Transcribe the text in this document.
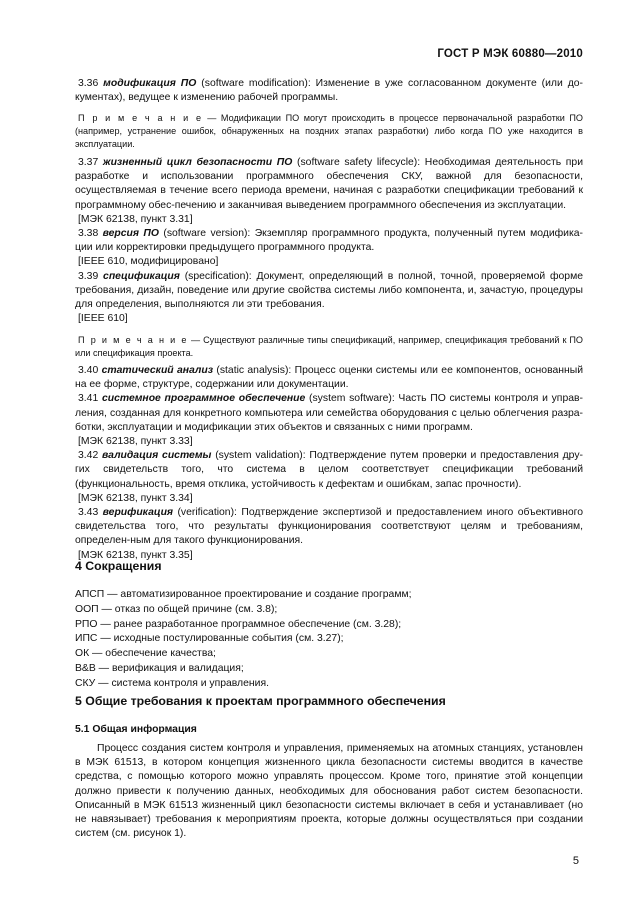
ГОСТ Р МЭК 60880—2010

3.36 модификация ПО (software modification): Изменение в уже согласованном документе (или до-кументах), ведущее к изменению рабочей программы.

П р и м е ч а н и е — Модификации ПО могут происходить в процессе первоначальной разработки ПО (например, устранение ошибок, обнаруженных на поздних этапах разработки) либо когда ПО уже находится в эксплуатации.

3.37 жизненный цикл безопасности ПО (software safety lifecycle): Необходимая деятельность при разработке и использовании программного обеспечения СКУ, важной для безопасности, осуществляемая в течение всего периода времени, начиная с разработки спецификации требований к программному обес-печению и заканчивая выведением программного обеспечения из эксплуатации.

[МЭК 62138, пункт 3.31]

3.38 версия ПО (software version): Экземпляр программного продукта, полученный путем модифика-ции или корректировки предыдущего программного продукта.

[IEEE 610, модифицировано]

3.39 спецификация (specification): Документ, определяющий в полной, точной, проверяемой форме требования, дизайн, поведение или другие свойства системы либо компонента, и, зачастую, процедуры для определения, выполняются ли эти требования.

[IEEE 610]

П р и м е ч а н и е — Существуют различные типы спецификаций, например, спецификация требований к ПО или спецификация проекта.

3.40 статический анализ (static analysis): Процесс оценки системы или ее компонентов, основанный на ее форме, структуре, содержании или документации.

3.41 системное программное обеспечение (system software): Часть ПО системы контроля и управ-ления, созданная для конкретного компьютера или семейства оборудования с целью облегчения разра-ботки, эксплуатации и модификации этих объектов и связанных с ними программ.

[МЭК 62138, пункт 3.33]

3.42 валидация системы (system validation): Подтверждение путем проверки и предоставления дру-гих свидетельств того, что система в целом соответствует спецификации требований (функциональность, время отклика, устойчивость к дефектам и ошибкам, запас прочности).

[МЭК 62138, пункт 3.34]

3.43 верификация (verification): Подтверждение экспертизой и предоставлением иного объективного свидетельства того, что результаты функционирования соответствуют целям и требованиям, определен-ным для такого функционирования.

[МЭК 62138, пункт 3.35]

4 Сокращения
АПСП — автоматизированное проектирование и создание программ;
ООП — отказ по общей причине (см. 3.8);
РПО — ранее разработанное программное обеспечение (см. 3.28);
ИПС — исходные постулированные события (см. 3.27);
ОК — обеспечение качества;
В&В — верификация и валидация;
СКУ — система контроля и управления.
5 Общие требования к проектам программного обеспечения
5.1 Общая информация

Процесс создания систем контроля и управления, применяемых на атомных станциях, установлен в МЭК 61513, в котором концепция жизненного цикла безопасности системы вводится в качестве средства, с помощью которого можно управлять процессом. Кроме того, принятие этой концепции должно привести к получению данных, необходимых для обоснования работ систем безопасности. Описанный в МЭК 61513 жизненный цикл безопасности системы включает в себя и устанавливает (но не навязывает) требования к мероприятиям проекта, которые должны осуществляться при создании систем (см. рисунок 1).

5
